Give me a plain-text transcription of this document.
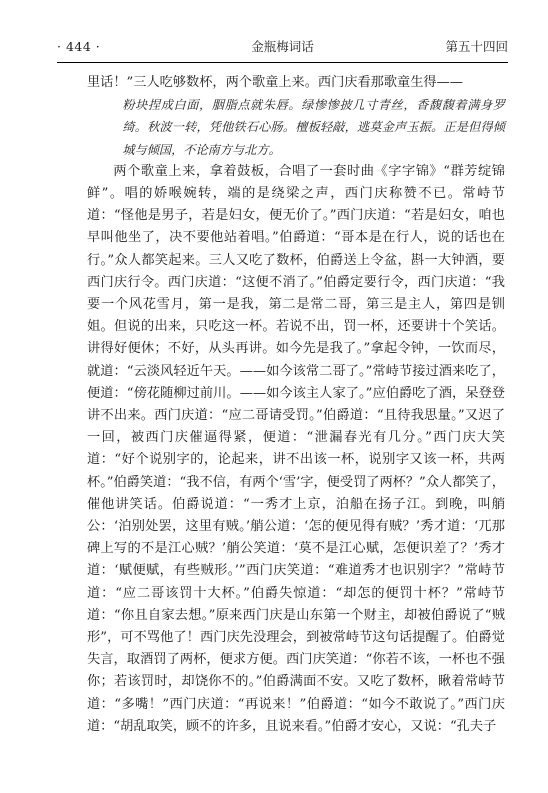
· 444 ·	金瓶梅词话	第五十四回

里话！”三人吃够数杯，两个歌童上来。西门庆看那歌童生得——

粉块捏成白面，胭脂点就朱唇。绿惨惨披几寸青丝，香馥馥着满身罗绮。秋波一转，凭他铁石心肠。檀板轻敲，逃莫金声玉振。正是但得倾城与倾国，不论南方与北方。

两个歌童上来，拿着鼓板，合唱了一套时曲《字字锦》“群芳绽锦鲜”。唱的娇喉婉转，端的是绕梁之声，西门庆称赞不已。常峙节道：“怪他是男子，若是妇女，便无价了。”西门庆道：“若是妇女，咱也早叫他坐了，决不要他站着唱。”伯爵道：“哥本是在行人，说的话也在行。”众人都笑起来。三人又吃了数杯，伯爵送上令盆，斟一大钟酒，要西门庆行令。西门庆道：“这便不消了。”伯爵定要行令，西门庆道：“我要一个风花雪月，第一是我，第二是常二哥，第三是主人，第四是钏姐。但说的出来，只吃这一杯。若说不出，罚一杯，还要讲十个笑话。讲得好便休；不好，从头再讲。如今先是我了。”拿起令钟，一饮而尽，就道：“云淡风轻近午天。——如今该常二哥了。”常峙节接过酒来吃了，便道：“傍花随柳过前川。——如今该主人家了。”应伯爵吃了酒，呆登登讲不出来。西门庆道：“应二哥请受罚。”伯爵道：“且待我思量。”又迟了一回，被西门庆催逼得紧，便道：“泄漏春光有几分。”西门庆大笑道：“好个说别字的，论起来，讲不出该一杯，说别字又该一杯，共两杯。”伯爵笑道：“我不信，有两个‘雪’字，便受罚了两杯？”众人都笑了，催他讲笑话。伯爵说道：“一秀才上京，泊船在扬子江。到晚，叫艄公：‘泊别处罢，这里有贼。’艄公道：‘怎的便见得有贼？’秀才道：‘兀那碑上写的不是江心贼？’艄公笑道：‘莫不是江心赋，怎便识差了？’秀才道：‘赋便赋，有些贼形。’”西门庆笑道：“难道秀才也识别字？”常峙节道：“应二哥该罚十大杯。”伯爵失惊道：“却怎的便罚十杯？”常峙节道：“你且自家去想。”原来西门庆是山东第一个财主，却被伯爵说了“贼形”，可不骂他了！西门庆先没理会，到被常峙节这句话提醒了。伯爵觉失言，取酒罚了两杯，便求方便。西门庆笑道：“你若不该，一杯也不强你；若该罚时，却饶你不的。”伯爵满面不安。又吃了数杯，瞅着常峙节道：“多嘴！”西门庆道：“再说来！”伯爵道：“如今不敢说了。”西门庆道：“胡乱取笑，顾不的许多，且说来看。”伯爵才安心，又说：“孔夫子
